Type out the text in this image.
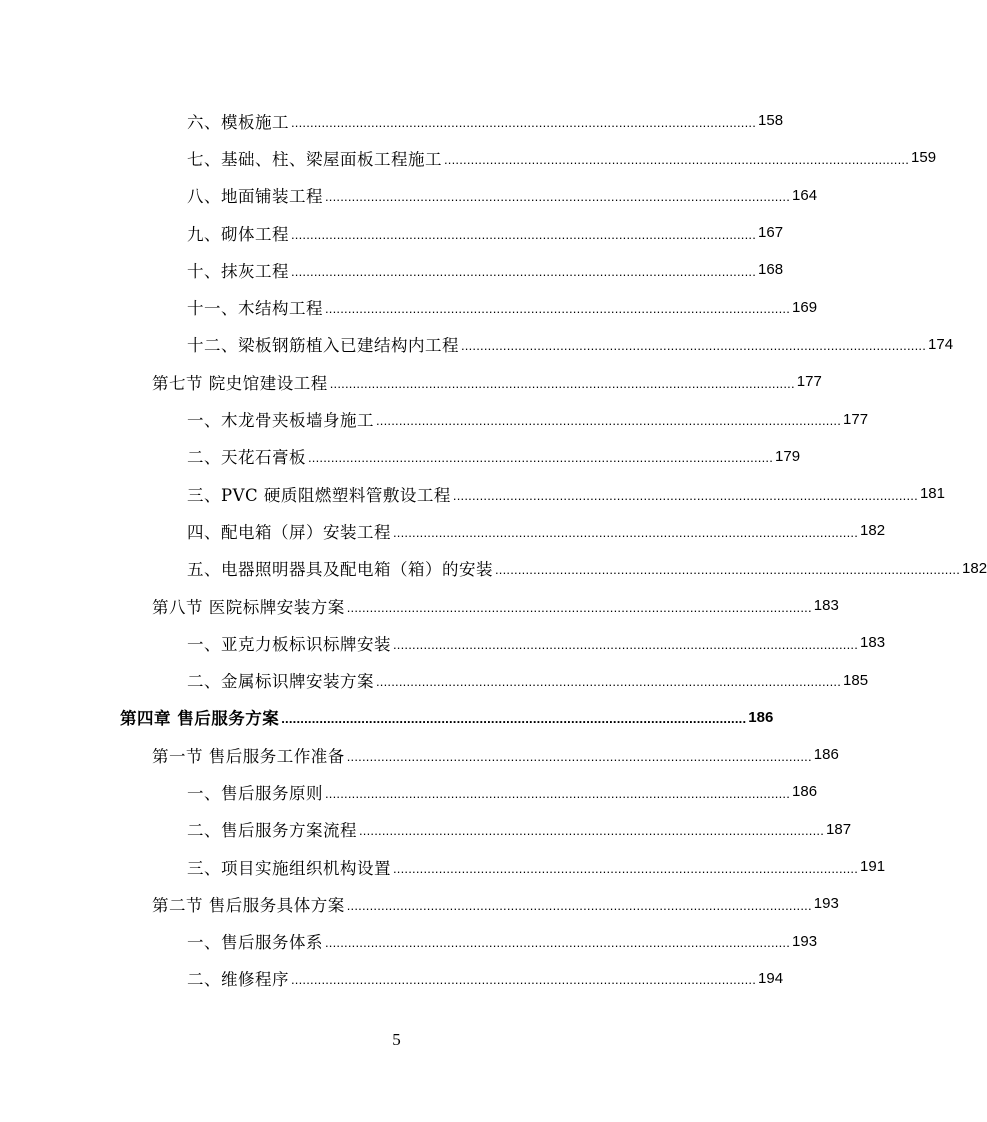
六、模板施工 .......................................................................................................................... 158
七、基础、柱、梁屋面板工程施工 .......................................................................................................................... 159
八、地面铺装工程 .......................................................................................................................... 164
九、砌体工程 .......................................................................................................................... 167
十、抹灰工程 .......................................................................................................................... 168
十一、木结构工程 .......................................................................................................................... 169
十二、梁板钢筋植入已建结构内工程 .......................................................................................................................... 174
第七节 院史馆建设工程 .......................................................................................................................... 177
一、木龙骨夹板墙身施工 .......................................................................................................................... 177
二、天花石膏板 .......................................................................................................................... 179
三、PVC 硬质阻燃塑料管敷设工程 .......................................................................................................................... 181
四、配电箱（屏）安装工程 .......................................................................................................................... 182
五、电器照明器具及配电箱（箱）的安装 .......................................................................................................................... 182
第八节 医院标牌安装方案 .......................................................................................................................... 183
一、亚克力板标识标牌安装 .......................................................................................................................... 183
二、金属标识牌安装方案 .......................................................................................................................... 185
第四章 售后服务方案 .......................................................................................................................... 186
第一节 售后服务工作准备 .......................................................................................................................... 186
一、售后服务原则 .......................................................................................................................... 186
二、售后服务方案流程 .......................................................................................................................... 187
三、项目实施组织机构设置 .......................................................................................................................... 191
第二节 售后服务具体方案 .......................................................................................................................... 193
一、售后服务体系 .......................................................................................................................... 193
二、维修程序 .......................................................................................................................... 194
5
